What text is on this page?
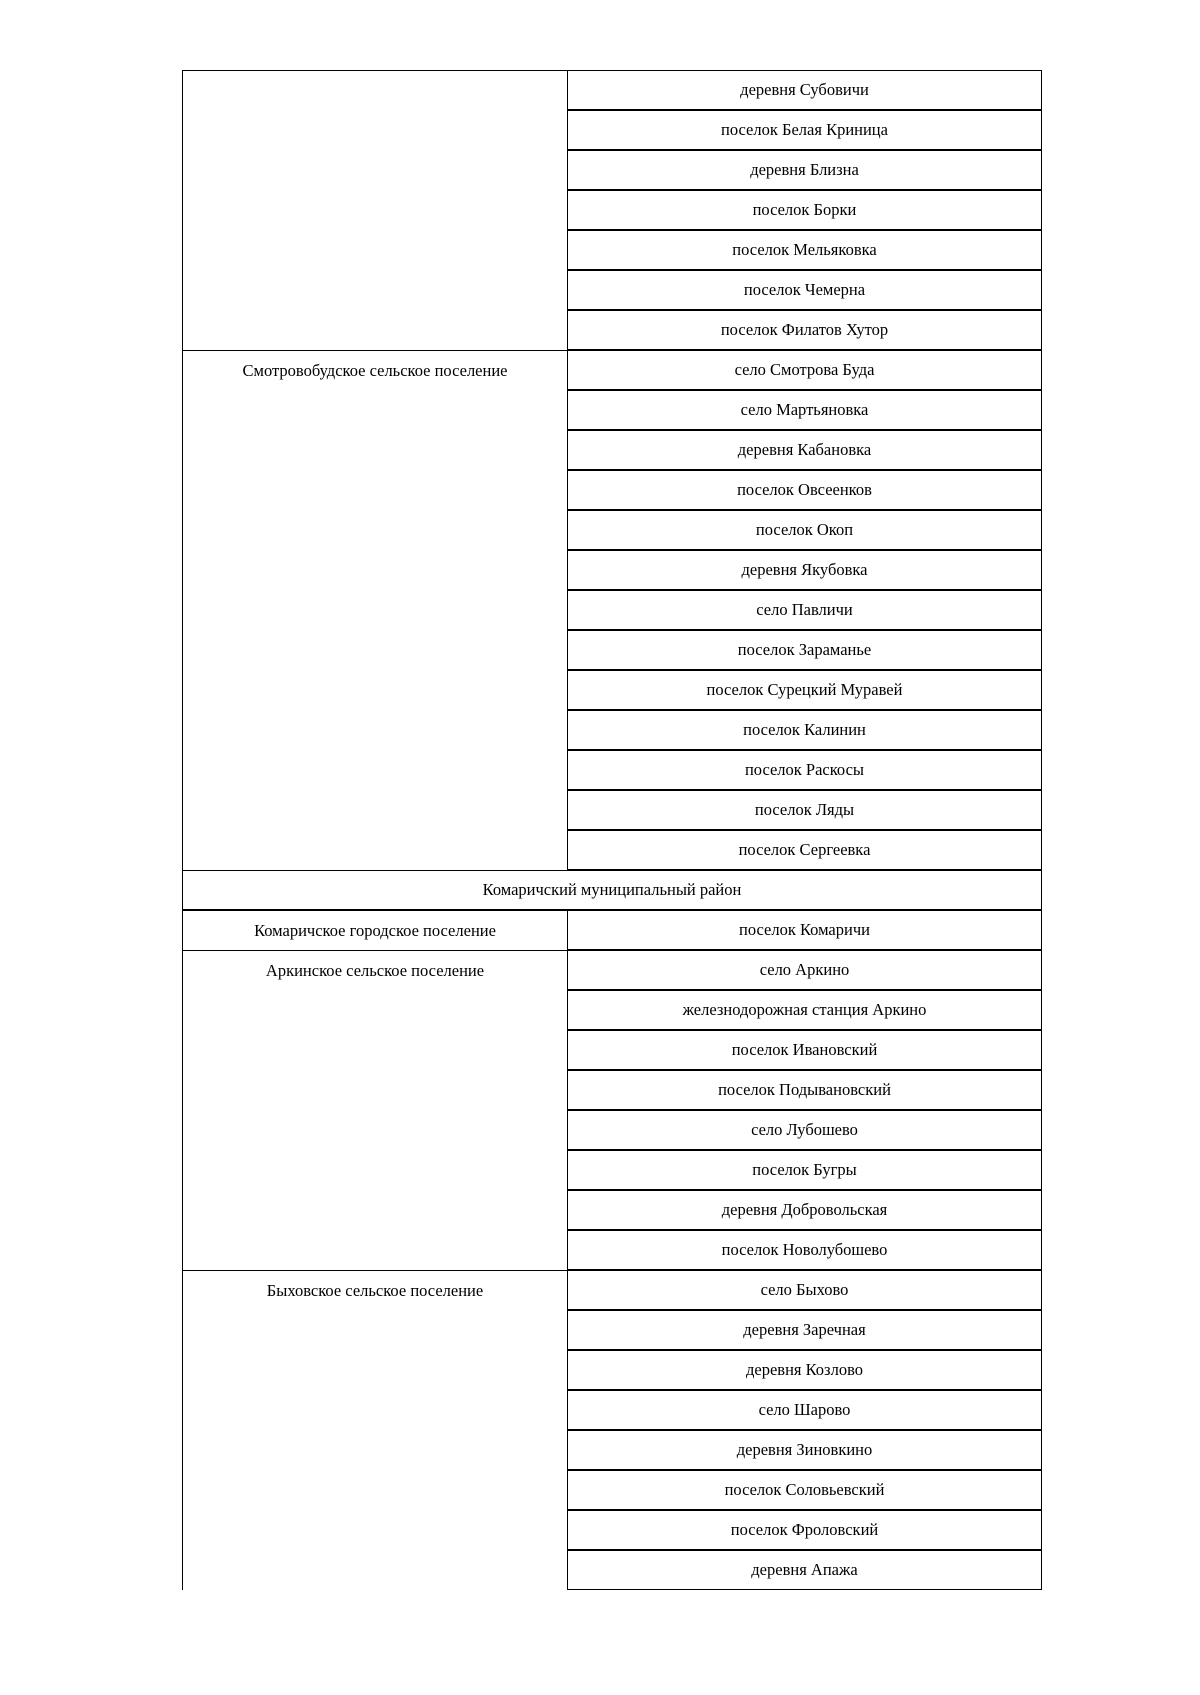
деревня Субовичи
поселок Белая Криница
деревня Близна
поселок Борки
поселок Мельяковка
поселок Чемерна
поселок Филатов Хутор
Смотровобудское сельское поселение	село Смотрова Буда
село Мартьяновка
деревня Кабановка
поселок Овсеенков
поселок Окоп
деревня Якубовка
село Павличи
поселок Зараманье
поселок Сурецкий Муравей
поселок Калинин
поселок Раскосы
поселок Ляды
поселок Сергеевка
Комаричский муниципальный район
Комаричское городское поселение	поселок Комаричи
Аркинское сельское поселение	село Аркино
железнодорожная станция Аркино
поселок Ивановский
поселок Подывановский
село Лубошево
поселок Бугры
деревня Добровольская
поселок Новолубошево
Быховское сельское поселение	село Быхово
деревня Заречная
деревня Козлово
село Шарово
деревня Зиновкино
поселок Соловьевский
поселок Фроловский
деревня Апажа
